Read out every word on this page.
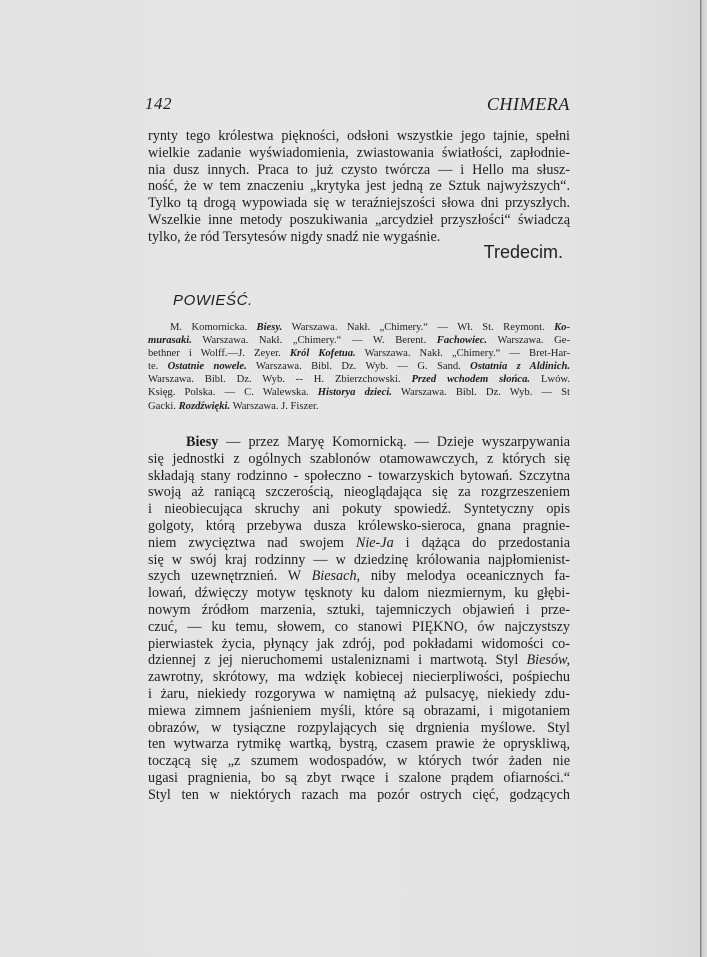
142	CHIMERA

rynty tego królestwa piękności, odsłoni wszystkie jego tajnie, spełni

wielkie zadanie wyświadomienia, zwiastowania światłości, zapłodnie-

nia dusz innych. Praca to już czysto twórcza — i Hello ma słusz-

ność, że w tem znaczeniu „krytyka jest jedną ze Sztuk najwyższych“.

Tylko tą drogą wypowiada się w teraźniejszości słowa dni przyszłych.

Wszelkie inne metody poszukiwania „arcydzieł przyszłości“ świadczą

tylko, że ród Tersytesów nigdy snadź nie wygaśnie.

Tredecim.
POWIEŚĆ.
M. Komornicka. Biesy. Warszawa. Nakł. „Chimery.“ — Wł. St. Reymont. Ko-
murasaki. Warszawa. Nakł. „Chimery.“ — W. Berent. Fachowiec. Warszawa. Ge-
bethner i Wolff.—J. Zeyer. Król Kofetua. Warszawa. Nakł. „Chimery.“ — Bret-Har-
te. Ostatnie nowele. Warszawa. Bibl. Dz. Wyb. — G. Sand. Ostatnia z Aldinich.
Warszawa. Bibl. Dz. Wyb. -- H. Zbierzchowski. Przed wchodem słońca. Lwów.
Księg. Polska. — C. Walewska. Historya dzieci. Warszawa. Bibl. Dz. Wyb. — St
Gacki. Rozdźwięki. Warszawa. J. Fiszer.

Biesy — przez Maryę Komornicką. — Dzieje wyszarpywania

się jednostki z ogólnych szablonów otamowawczych, z których się

składają stany rodzinno - społeczno - towarzyskich bytowań. Szczytna

swoją aż raniącą szczerością, nieoglądająca się za rozgrzeszeniem

i nieobiecująca skruchy ani pokuty spowiedź. Syntetyczny opis

golgoty, którą przebywa dusza królewsko-sieroca, gnana pragnie-

niem zwycięztwa nad swojem Nie-Ja i dążąca do przedostania

się w swój kraj rodzinny — w dziedzinę królowania najpłomienist-

szych uzewnętrznień. W Biesach, niby melodya oceanicznych fa-

lowań, dźwięczy motyw tęsknoty ku dalom niezmiernym, ku głębi-

nowym źródłom marzenia, sztuki, tajemniczych objawień i prze-

czuć, — ku temu, słowem, co stanowi PIĘKNO, ów najczystszy

pierwiastek życia, płynący jak zdrój, pod pokładami widomości co-

dziennej z jej nieruchomemi ustaleniznami i martwotą. Styl Biesów,

zawrotny, skrótowy, ma wdzięk kobiecej niecierpliwości, pośpiechu

i żaru, niekiedy rozgorywa w namiętną aż pulsacyę, niekiedy zdu-

miewa zimnem jaśnieniem myśli, które są obrazami, i migotaniem

obrazów, w tysiączne rozpylających się drgnienia myślowe. Styl

ten wytwarza rytmikę wartką, bystrą, czasem prawie że opryskliwą,

toczącą się „z szumem wodospadów, w których twór żaden nie

ugasi pragnienia, bo są zbyt rwące i szalone prądem ofiarności.“

Styl ten w niektórych razach ma pozór ostrych cięć, godzących
